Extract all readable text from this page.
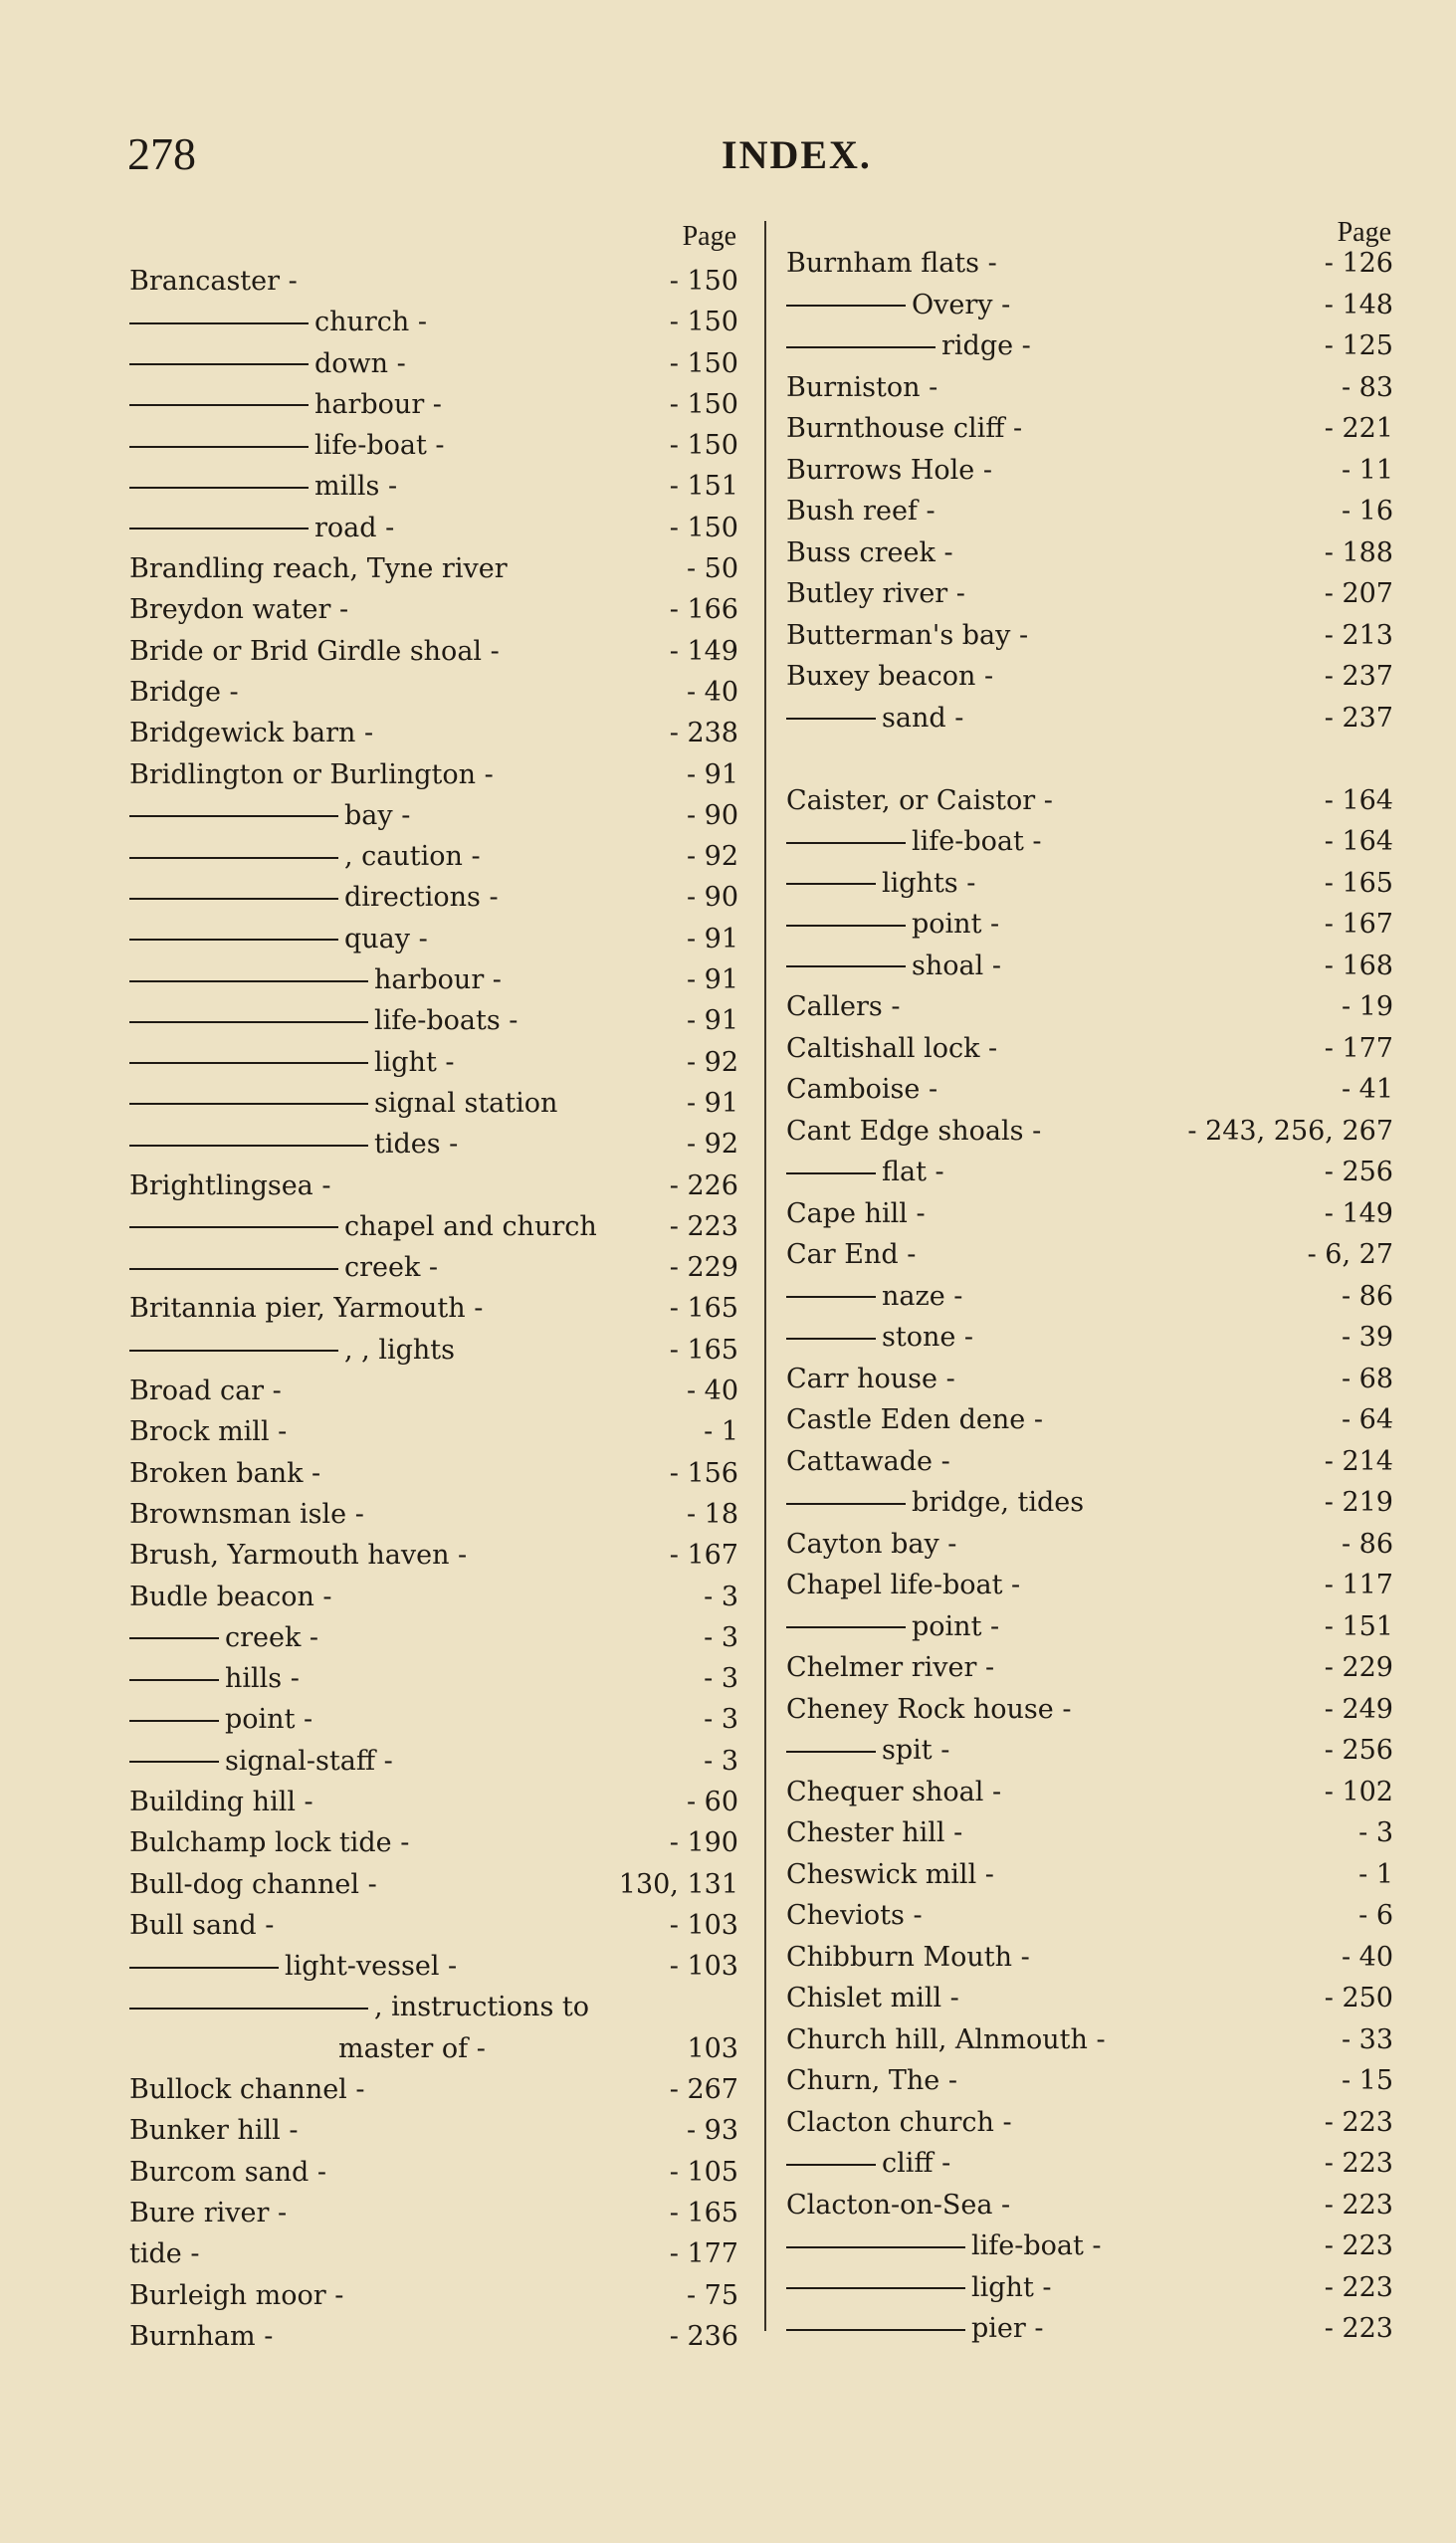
278	INDEX.
Page
Brancaster -	- 150
church -	- 150
down -	- 150
harbour -	- 150
life-boat -	- 150
mills -	- 151
road -	- 150
Brandling reach, Tyne river	- 50
Breydon water -	- 166
Bride or Brid Girdle shoal -	- 149
Bridge -	- 40
Bridgewick barn -	- 238
Bridlington or Burlington -	- 91
bay -	- 90
, caution -	- 92
directions -	- 90
quay -	- 91
harbour -	- 91
life-boats -	- 91
light -	- 92
signal station	- 91
tides -	- 92
Brightlingsea -	- 226
chapel and church	- 223
creek -	- 229
Britannia pier, Yarmouth -	- 165
, , lights	- 165
Broad car -	- 40
Brock mill -	- 1
Broken bank -	- 156
Brownsman isle -	- 18
Brush, Yarmouth haven -	- 167
Budle beacon -	- 3
creek -	- 3
hills -	- 3
point -	- 3
signal-staff -	- 3
Building hill -	- 60
Bulchamp lock tide -	- 190
Bull-dog channel -	130, 131
Bull sand -	- 103
light-vessel -	- 103
, instructions to
master of -	103
Bullock channel -	- 267
Bunker hill -	- 93
Burcom sand -	- 105
Bure river -	- 165
tide -	- 177
Burleigh moor -	- 75
Burnham -	- 236
Page
Burnham flats -	- 126
Overy -	- 148
ridge -	- 125
Burniston -	- 83
Burnthouse cliff -	- 221
Burrows Hole -	- 11
Bush reef -	- 16
Buss creek -	- 188
Butley river -	- 207
Butterman's bay -	- 213
Buxey beacon -	- 237
sand -	- 237
Caister, or Caistor -	- 164
life-boat -	- 164
lights -	- 165
point -	- 167
shoal -	- 168
Callers -	- 19
Caltishall lock -	- 177
Camboise -	- 41
Cant Edge shoals -	- 243, 256, 267
flat -	- 256
Cape hill -	- 149
Car End -	- 6, 27
naze -	- 86
stone -	- 39
Carr house -	- 68
Castle Eden dene -	- 64
Cattawade -	- 214
bridge, tides	- 219
Cayton bay -	- 86
Chapel life-boat -	- 117
point -	- 151
Chelmer river -	- 229
Cheney Rock house -	- 249
spit -	- 256
Chequer shoal -	- 102
Chester hill -	- 3
Cheswick mill -	- 1
Cheviots -	- 6
Chibburn Mouth -	- 40
Chislet mill -	- 250
Church hill, Alnmouth -	- 33
Churn, The -	- 15
Clacton church -	- 223
cliff -	- 223
Clacton-on-Sea -	- 223
life-boat -	- 223
light -	- 223
pier -	- 223
